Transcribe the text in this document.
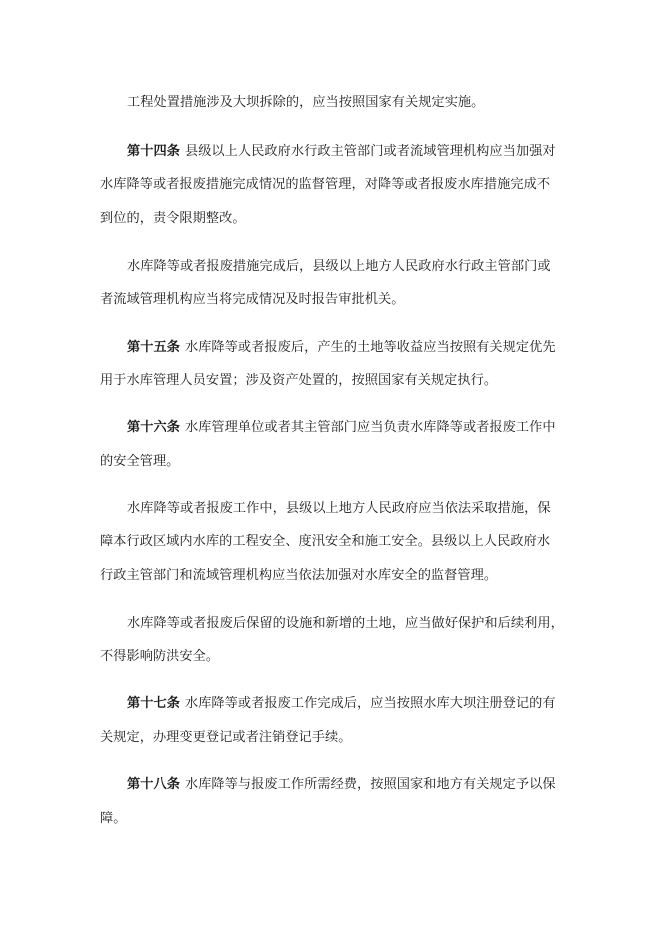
工程处置措施涉及大坝拆除的，应当按照国家有关规定实施。
第十四条 县级以上人民政府水行政主管部门或者流域管理机构应当加强对
水库降等或者报废措施完成情况的监督管理，对降等或者报废水库措施完成不
到位的，责令限期整改。
水库降等或者报废措施完成后，县级以上地方人民政府水行政主管部门或
者流域管理机构应当将完成情况及时报告审批机关。
第十五条 水库降等或者报废后，产生的土地等收益应当按照有关规定优先
用于水库管理人员安置；涉及资产处置的，按照国家有关规定执行。
第十六条 水库管理单位或者其主管部门应当负责水库降等或者报废工作中
的安全管理。
水库降等或者报废工作中，县级以上地方人民政府应当依法采取措施，保
障本行政区域内水库的工程安全、度汛安全和施工安全。县级以上人民政府水
行政主管部门和流域管理机构应当依法加强对水库安全的监督管理。
水库降等或者报废后保留的设施和新增的土地，应当做好保护和后续利用，
不得影响防洪安全。
第十七条 水库降等或者报废工作完成后，应当按照水库大坝注册登记的有
关规定，办理变更登记或者注销登记手续。
第十八条 水库降等与报废工作所需经费，按照国家和地方有关规定予以保
障。
